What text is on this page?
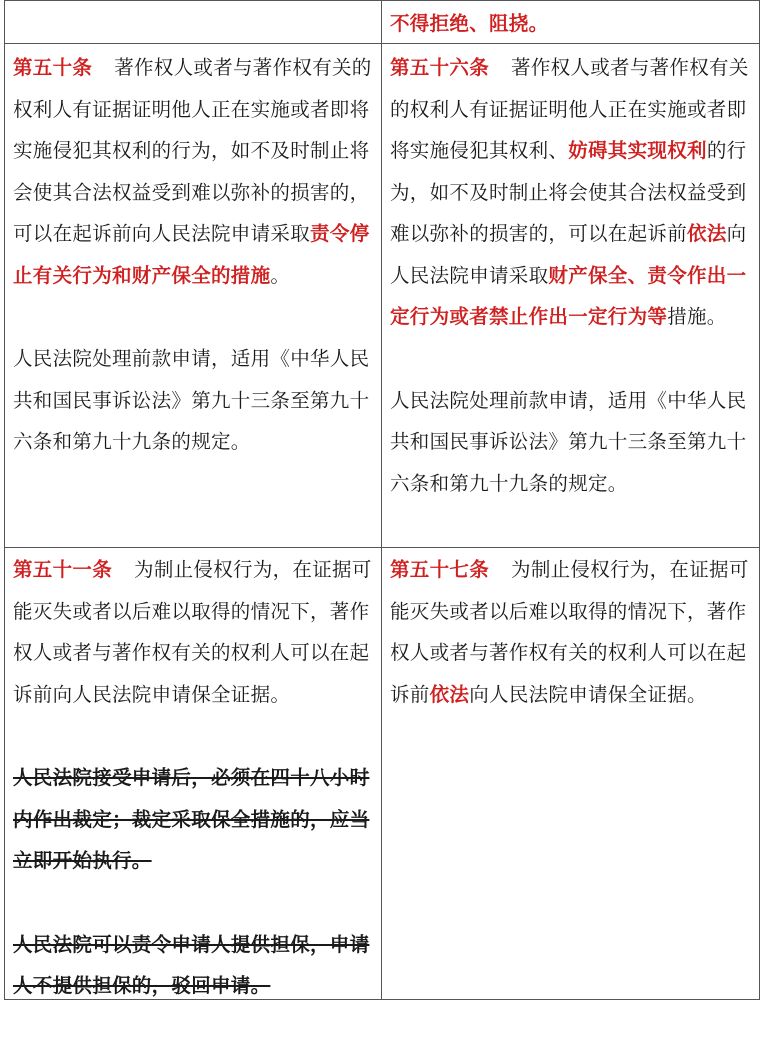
不得拒绝、阻挠。

第五十条 著作权人或者与著作权有关的权利人有证据证明他人正在实施或者即将实施侵犯其权利的行为，如不及时制止将会使其合法权益受到难以弥补的损害的，可以在起诉前向人民法院申请采取责令停止有关行为和财产保全的措施。

人民法院处理前款申请，适用《中华人民共和国民事诉讼法》第九十三条至第九十六条和第九十九条的规定。

第五十六条 著作权人或者与著作权有关的权利人有证据证明他人正在实施或者即将实施侵犯其权利、妨碍其实现权利的行为，如不及时制止将会使其合法权益受到难以弥补的损害的，可以在起诉前依法向人民法院申请采取财产保全、责令作出一定行为或者禁止作出一定行为等措施。

人民法院处理前款申请，适用《中华人民共和国民事诉讼法》第九十三条至第九十六条和第九十九条的规定。

第五十一条 为制止侵权行为，在证据可能灭失或者以后难以取得的情况下，著作权人或者与著作权有关的权利人可以在起诉前向人民法院申请保全证据。

人民法院接受申请后，必须在四十八小时内作出裁定；裁定采取保全措施的，应当立即开始执行。

人民法院可以责令申请人提供担保，申请人不提供担保的，驳回申请。

第五十七条 为制止侵权行为，在证据可能灭失或者以后难以取得的情况下，著作权人或者与著作权有关的权利人可以在起诉前依法向人民法院申请保全证据。
